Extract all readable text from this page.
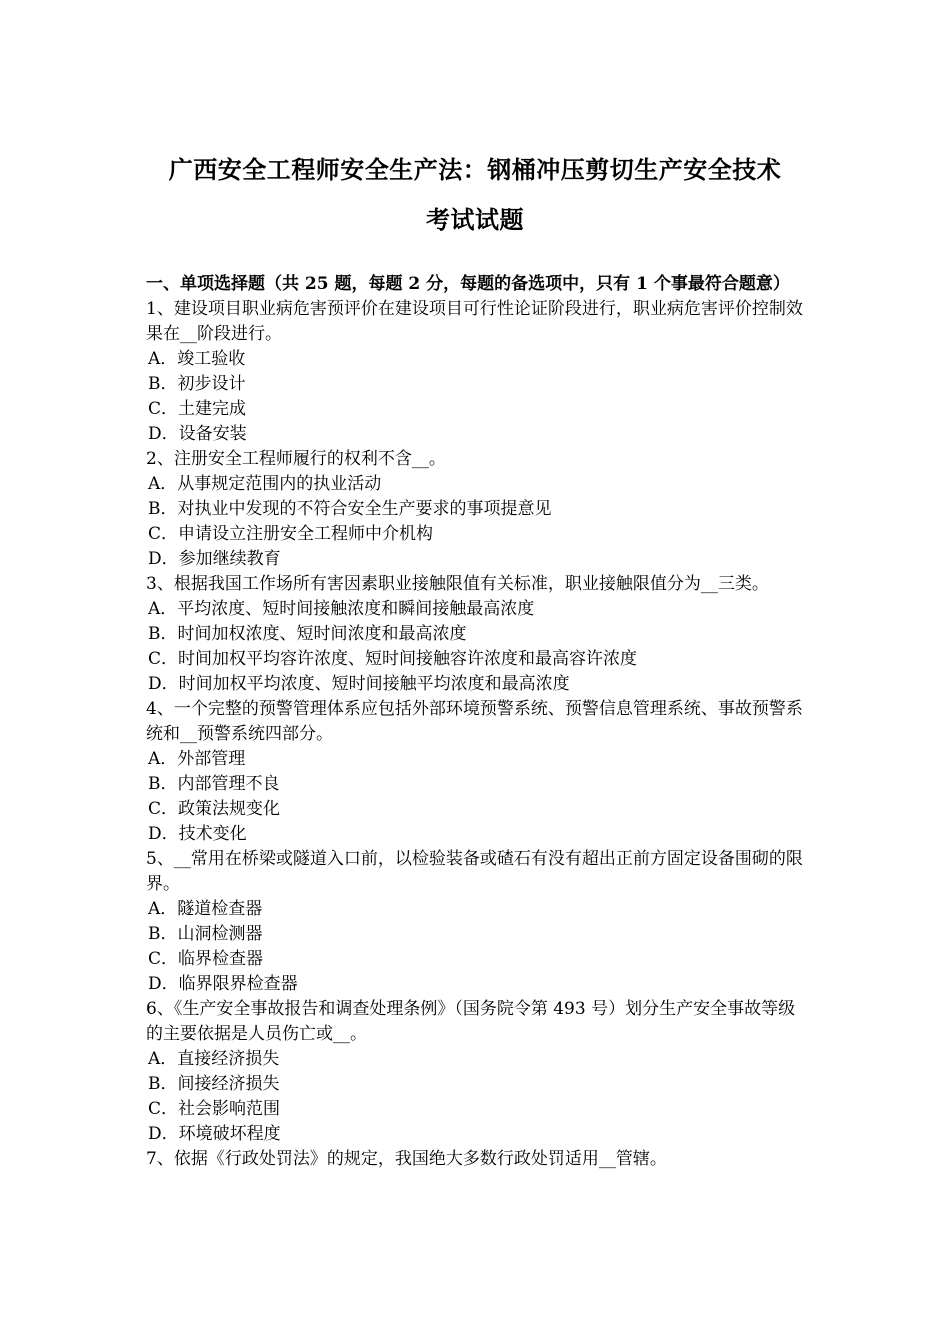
广西安全工程师安全生产法：钢桶冲压剪切生产安全技术
考试试题
一、单项选择题（共 25 题，每题 2 分，每题的备选项中，只有 1 个事最符合题意）
1、建设项目职业病危害预评价在建设项目可行性论证阶段进行，职业病危害评价控制效果在__阶段进行。
A．竣工验收
B．初步设计
C．土建完成
D．设备安装
2、注册安全工程师履行的权利不含__。
A．从事规定范围内的执业活动
B．对执业中发现的不符合安全生产要求的事项提意见
C．申请设立注册安全工程师中介机构
D．参加继续教育
3、根据我国工作场所有害因素职业接触限值有关标准，职业接触限值分为__三类。
A．平均浓度、短时间接触浓度和瞬间接触最高浓度
B．时间加权浓度、短时间浓度和最高浓度
C．时间加权平均容许浓度、短时间接触容许浓度和最高容许浓度
D．时间加权平均浓度、短时间接触平均浓度和最高浓度
4、一个完整的预警管理体系应包括外部环境预警系统、预警信息管理系统、事故预警系统和__预警系统四部分。
A．外部管理
B．内部管理不良
C．政策法规变化
D．技术变化
5、__常用在桥梁或隧道入口前，以检验装备或碴石有没有超出正前方固定设备围砌的限界。
A．隧道检查器
B．山洞检测器
C．临界检查器
D．临界限界检查器
6、《生产安全事故报告和调查处理条例》（国务院令第 493 号）划分生产安全事故等级的主要依据是人员伤亡或__。
A．直接经济损失
B．间接经济损失
C．社会影响范围
D．环境破坏程度
7、依据《行政处罚法》的规定，我国绝大多数行政处罚适用__管辖。
